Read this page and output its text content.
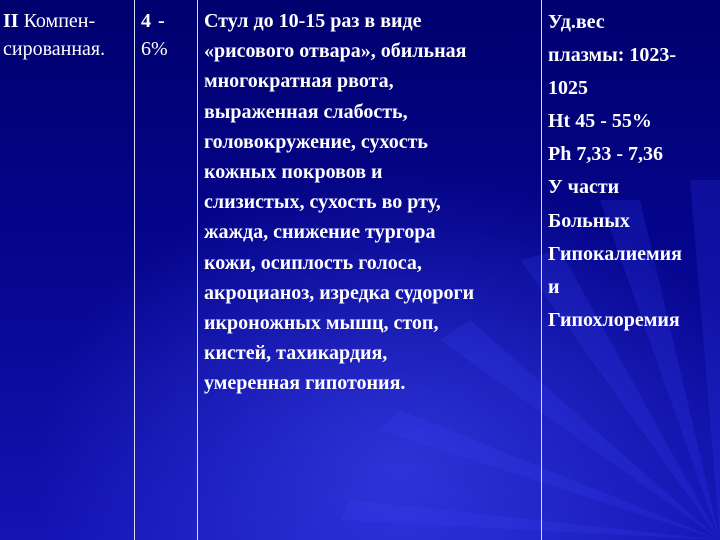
II Компен-
сированная.
4 -
6%
Стул до 10-15 раз в виде
«рисового отвара», обильная
многократная рвота,
выраженная слабость,
головокружение, сухость
кожных покровов и
слизистых, сухость во рту,
жажда, снижение тургора
кожи, осиплость голоса,
акроцианоз, изредка судороги
икроножных мышц, стоп,
кистей, тахикардия,
умеренная гипотония.
Уд.вес
плазмы: 1023-
1025
Ht 45 - 55%
Ph 7,33 - 7,36
У части
Больных
Гипокалиемия
и
Гипохлоремия
